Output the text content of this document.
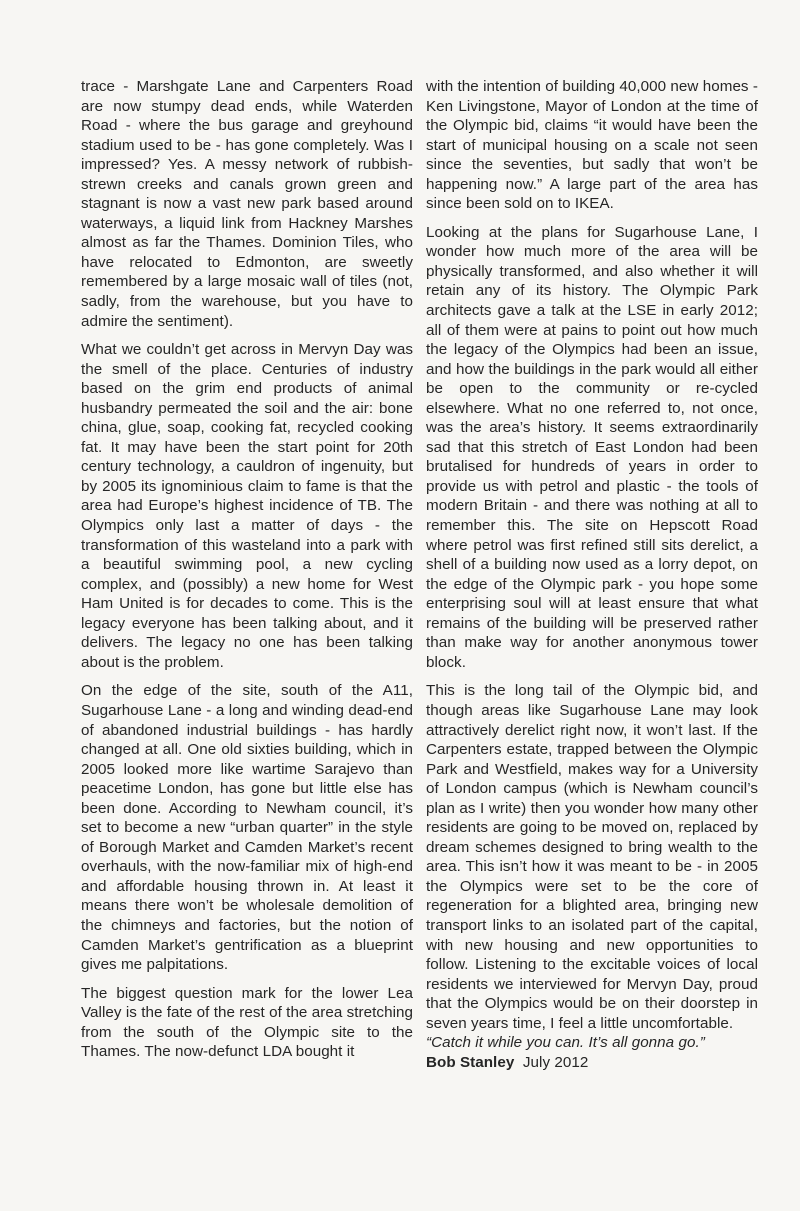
trace - Marshgate Lane and Carpenters Road are now stumpy dead ends, while Waterden Road - where the bus garage and greyhound stadium used to be - has gone completely. Was I impressed? Yes. A messy network of rubbish-strewn creeks and canals grown green and stagnant is now a vast new park based around waterways, a liquid link from Hackney Marshes almost as far the Thames. Dominion Tiles, who have relocated to Edmonton, are sweetly remembered by a large mosaic wall of tiles (not, sadly, from the warehouse, but you have to admire the sentiment).

What we couldn’t get across in Mervyn Day was the smell of the place. Centuries of industry based on the grim end products of animal husbandry permeated the soil and the air: bone china, glue, soap, cooking fat, recycled cooking fat. It may have been the start point for 20th century technology, a cauldron of ingenuity, but by 2005 its ignominious claim to fame is that the area had Europe’s highest incidence of TB. The Olympics only last a matter of days - the transformation of this wasteland into a park with a beautiful swimming pool, a new cycling complex, and (possibly) a new home for West Ham United is for decades to come. This is the legacy everyone has been talking about, and it delivers. The legacy no one has been talking about is the problem.

On the edge of the site, south of the A11, Sugarhouse Lane - a long and winding dead-end of abandoned industrial buildings - has hardly changed at all. One old sixties building, which in 2005 looked more like wartime Sarajevo than peacetime London, has gone but little else has been done. According to Newham council, it’s set to become a new “urban quarter” in the style of Borough Market and Camden Market’s recent overhauls, with the now-familiar mix of high-end and affordable housing thrown in. At least it means there won’t be wholesale demolition of the chimneys and factories, but the notion of Camden Market’s gentrification as a blueprint gives me palpitations.

The biggest question mark for the lower Lea Valley is the fate of the rest of the area stretching from the south of the Olympic site to the Thames. The now-defunct LDA bought it

with the intention of building 40,000 new homes - Ken Livingstone, Mayor of London at the time of the Olympic bid, claims “it would have been the start of municipal housing on a scale not seen since the seventies, but sadly that won’t be happening now.” A large part of the area has since been sold on to IKEA.

Looking at the plans for Sugarhouse Lane, I wonder how much more of the area will be physically transformed, and also whether it will retain any of its history. The Olympic Park architects gave a talk at the LSE in early 2012; all of them were at pains to point out how much the legacy of the Olympics had been an issue, and how the buildings in the park would all either be open to the community or re-cycled elsewhere. What no one referred to, not once, was the area’s history. It seems extraordinarily sad that this stretch of East London had been brutalised for hundreds of years in order to provide us with petrol and plastic - the tools of modern Britain - and there was nothing at all to remember this. The site on Hepscott Road where petrol was first refined still sits derelict, a shell of a building now used as a lorry depot, on the edge of the Olympic park - you hope some enterprising soul will at least ensure that what remains of the building will be preserved rather than make way for another anonymous tower block.

This is the long tail of the Olympic bid, and though areas like Sugarhouse Lane may look attractively derelict right now, it won’t last. If the Carpenters estate, trapped between the Olympic Park and Westfield, makes way for a University of London campus (which is Newham council’s plan as I write) then you wonder how many other residents are going to be moved on, replaced by dream schemes designed to bring wealth to the area. This isn’t how it was meant to be - in 2005 the Olympics were set to be the core of regeneration for a blighted area, bringing new transport links to an isolated part of the capital, with new housing and new opportunities to follow. Listening to the excitable voices of local residents we interviewed for Mervyn Day, proud that the Olympics would be on their doorstep in seven years time, I feel a little uncomfortable.
“Catch it while you can. It’s all gonna go.”

Bob Stanley July 2012
